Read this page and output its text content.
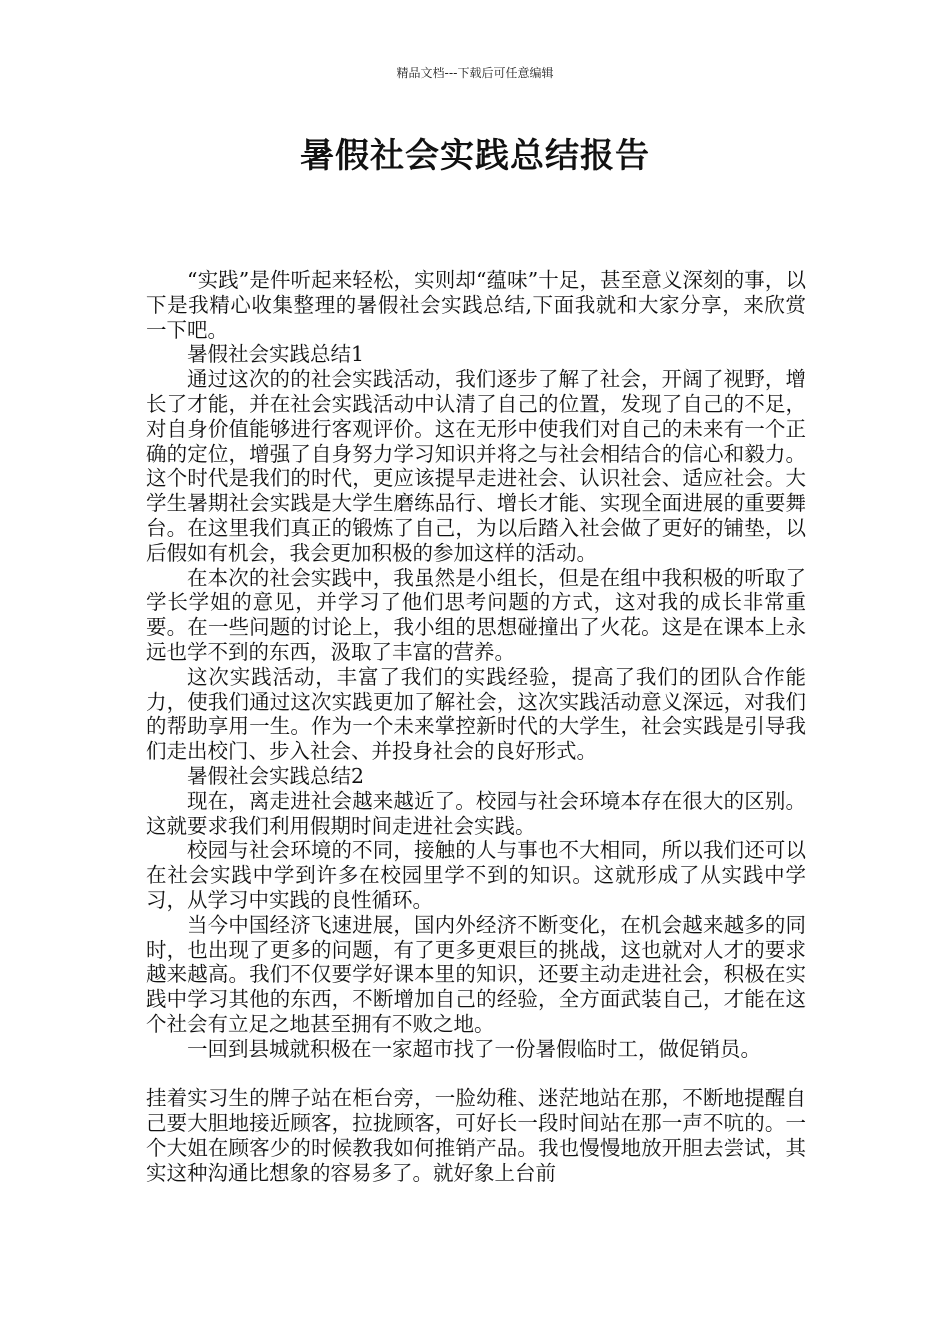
精品文档---下载后可任意编辑
暑假社会实践总结报告

“实践”是件听起来轻松，实则却“蕴味”十足，甚至意义深刻的事，以下是我精心收集整理的暑假社会实践总结,下面我就和大家分享，来欣赏一下吧。

暑假社会实践总结1

通过这次的的社会实践活动，我们逐步了解了社会，开阔了视野，增长了才能，并在社会实践活动中认清了自己的位置，发现了自己的不足，对自身价值能够进行客观评价。这在无形中使我们对自己的未来有一个正确的定位，增强了自身努力学习知识并将之与社会相结合的信心和毅力。这个时代是我们的时代，更应该提早走进社会、认识社会、适应社会。大学生暑期社会实践是大学生磨练品行、增长才能、实现全面进展的重要舞台。在这里我们真正的锻炼了自己，为以后踏入社会做了更好的铺垫，以后假如有机会，我会更加积极的参加这样的活动。

在本次的社会实践中，我虽然是小组长，但是在组中我积极的听取了学长学姐的意见，并学习了他们思考问题的方式，这对我的成长非常重要。在一些问题的讨论上，我小组的思想碰撞出了火花。这是在课本上永远也学不到的东西，汲取了丰富的营养。

这次实践活动，丰富了我们的实践经验，提高了我们的团队合作能力，使我们通过这次实践更加了解社会，这次实践活动意义深远，对我们的帮助享用一生。作为一个未来掌控新时代的大学生，社会实践是引导我们走出校门、步入社会、并投身社会的良好形式。

暑假社会实践总结2

现在，离走进社会越来越近了。校园与社会环境本存在很大的区别。这就要求我们利用假期时间走进社会实践。

校园与社会环境的不同，接触的人与事也不大相同，所以我们还可以在社会实践中学到许多在校园里学不到的知识。这就形成了从实践中学习，从学习中实践的良性循环。

当今中国经济飞速进展，国内外经济不断变化，在机会越来越多的同时，也出现了更多的问题，有了更多更艰巨的挑战，这也就对人才的要求越来越高。我们不仅要学好课本里的知识，还要主动走进社会，积极在实践中学习其他的东西，不断增加自己的经验，全方面武装自己，才能在这个社会有立足之地甚至拥有不败之地。

一回到县城就积极在一家超市找了一份暑假临时工，做促销员。

挂着实习生的牌子站在柜台旁，一脸幼稚、迷茫地站在那，不断地提醒自己要大胆地接近顾客，拉拢顾客，可好长一段时间站在那一声不吭的。一个大姐在顾客少的时候教我如何推销产品。我也慢慢地放开胆去尝试，其实这种沟通比想象的容易多了。就好象上台前
